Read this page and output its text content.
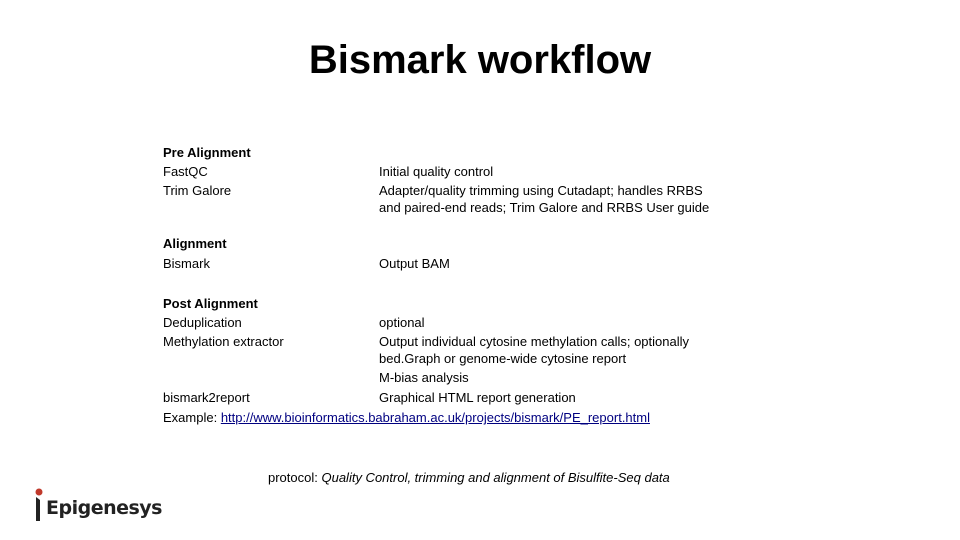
Bismark workflow
Pre Alignment
FastQC	Initial quality control
Trim Galore	Adapter/quality trimming using Cutadapt; handles RRBS
and paired-end reads; Trim Galore and RRBS User guide
Alignment
Bismark	Output BAM
Post Alignment
Deduplication	optional
Methylation extractor	Output individual cytosine methylation calls; optionally
bed.Graph or genome-wide cytosine report
M-bias analysis
bismark2report	Graphical HTML report generation
Example: http://www.bioinformatics.babraham.ac.uk/projects/bismark/PE_report.html
protocol: Quality Control, trimming and alignment of Bisulfite-Seq data
Epigenesys
